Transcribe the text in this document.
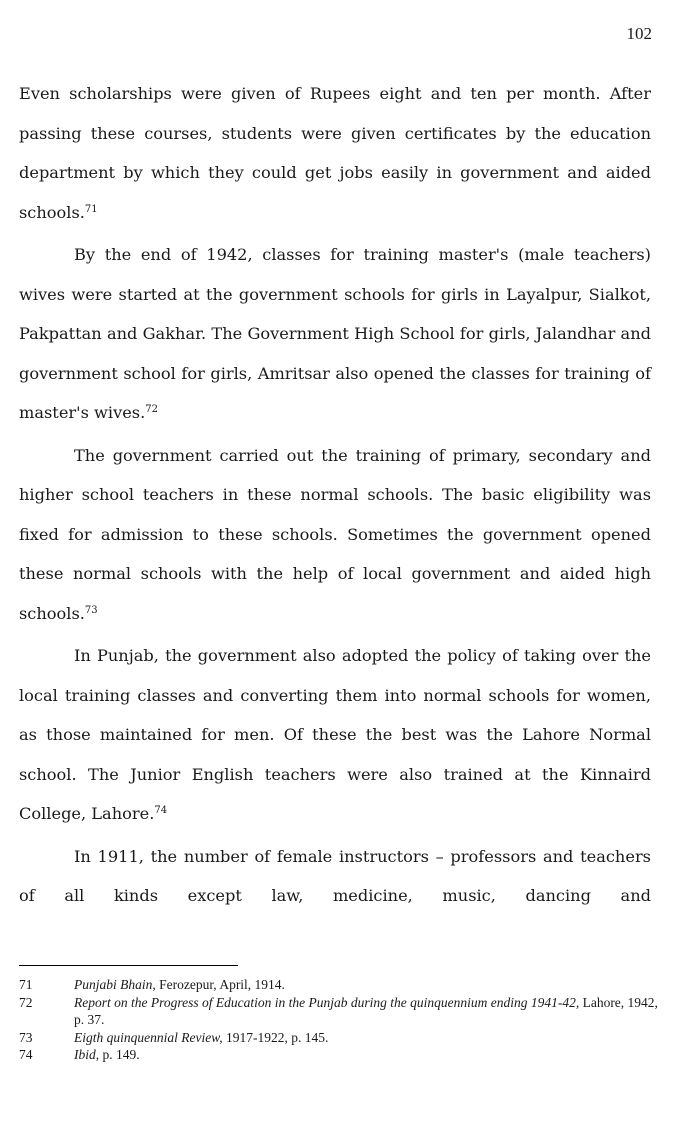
102

Even scholarships were given of Rupees eight and ten per month. After passing these courses, students were given certificates by the education department by which they could get jobs easily in government and aided schools.$^{71}$

By the end of 1942, classes for training master's (male teachers) wives were started at the government schools for girls in Layalpur, Sialkot, Pakpattan and Gakhar. The Government High School for girls, Jalandhar and government school for girls, Amritsar also opened the classes for training of master's wives.$^{72}$

The government carried out the training of primary, secondary and higher school teachers in these normal schools. The basic eligibility was fixed for admission to these schools. Sometimes the government opened these normal schools with the help of local government and aided high schools.$^{73}$

In Punjab, the government also adopted the policy of taking over the local training classes and converting them into normal schools for women, as those maintained for men. Of these the best was the Lahore Normal school. The Junior English teachers were also trained at the Kinnaird College, Lahore.$^{74}$

In 1911, the number of female instructors – professors and teachers of all kinds except law, medicine, music, dancing and

71	Punjabi Bhain, Ferozepur, April, 1914.
72	Report on the Progress of Education in the Punjab during the quinquennium ending 1941-42, Lahore, 1942, p. 37.
73	Eigth quinquennial Review, 1917-1922, p. 145.
74	Ibid, p. 149.
